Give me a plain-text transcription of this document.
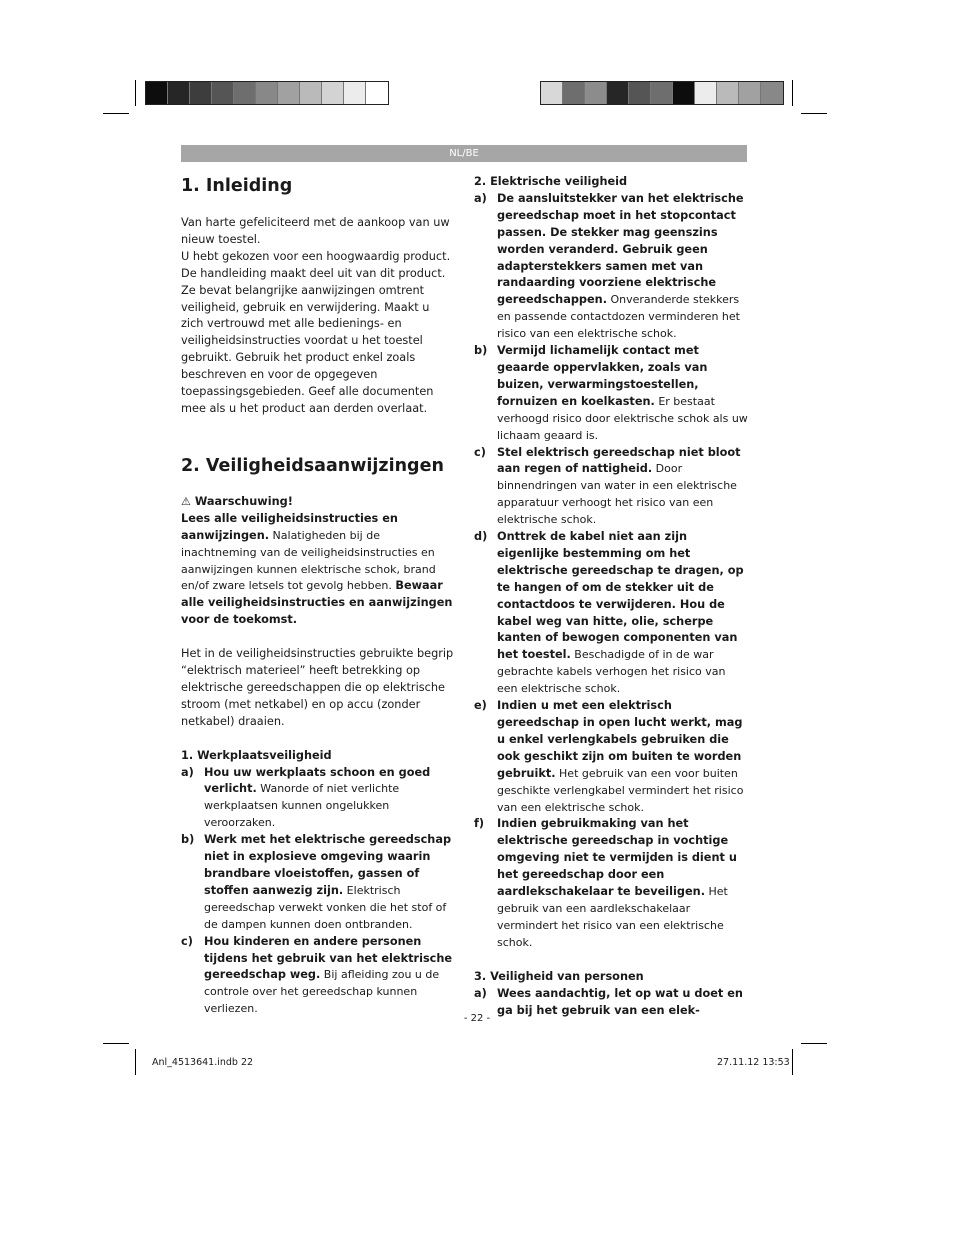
NL/BE
1. Inleiding

Van harte gefeliciteerd met de aankoop van uw nieuw toestel.
U hebt gekozen voor een hoogwaardig product. De handleiding maakt deel uit van dit product. Ze bevat belangrijke aanwijzingen omtrent veiligheid, gebruik en verwijdering. Maakt u zich vertrouwd met alle bedienings- en veiligheidsinstructies voordat u het toestel gebruikt. Gebruik het product enkel zoals beschreven en voor de opgegeven toepassingsgebieden. Geef alle documenten mee als u het product aan derden overlaat.

2. Veiligheidsaanwijzingen

⚠ Waarschuwing!

Lees alle veiligheidsinstructies en aanwijzingen. Nalatigheden bij de inachtneming van de veiligheidsinstructies en aanwijzingen kunnen elektrische schok, brand en/of zware letsels tot gevolg hebben. Bewaar alle veiligheidsinstructies en aanwijzingen voor de toekomst.

Het in de veiligheidsinstructies gebruikte begrip “elektrisch materieel” heeft betrekking op elektrische gereedschappen die op elektrische stroom (met netkabel) en op accu (zonder netkabel) draaien.

1. Werkplaatsveiligheid

a) Hou uw werkplaats schoon en goed verlicht. Wanorde of niet verlichte werkplaatsen kunnen ongelukken veroorzaken.
b) Werk met het elektrische gereedschap niet in explosieve omgeving waarin brandbare vloeistoffen, gassen of stoffen aanwezig zijn. Elektrisch gereedschap verwekt vonken die het stof of de dampen kunnen doen ontbranden.
c) Hou kinderen en andere personen tijdens het gebruik van het elektrische gereedschap weg. Bij afleiding zou u de controle over het gereedschap kunnen verliezen.

2. Elektrische veiligheid

a) De aansluitstekker van het elektrische gereedschap moet in het stopcontact passen. De stekker mag geenszins worden veranderd. Gebruik geen adapterstekkers samen met van randaarding voorziene elektrische gereedschappen. Onveranderde stekkers en passende contactdozen verminderen het risico van een elektrische schok.
b) Vermijd lichamelijk contact met geaarde oppervlakken, zoals van buizen, verwarmingstoestellen, fornuizen en koelkasten. Er bestaat verhoogd risico door elektrische schok als uw lichaam geaard is.
c) Stel elektrisch gereedschap niet bloot aan regen of nattigheid. Door binnendringen van water in een elektrische apparatuur verhoogt het risico van een elektrische schok.
d) Onttrek de kabel niet aan zijn eigenlijke bestemming om het elektrische gereedschap te dragen, op te hangen of om de stekker uit de contactdoos te verwijderen. Hou de kabel weg van hitte, olie, scherpe kanten of bewogen componenten van het toestel. Beschadigde of in de war gebrachte kabels verhogen het risico van een elektrische schok.
e) Indien u met een elektrisch gereedschap in open lucht werkt, mag u enkel verlengkabels gebruiken die ook geschikt zijn om buiten te worden gebruikt. Het gebruik van een voor buiten geschikte verlengkabel vermindert het risico van een elektrische schok.
f)	Indien gebruikmaking van het elektrische gereedschap in vochtige omgeving niet te vermijden is dient u het gereedschap door een aardlekschakelaar te beveiligen. Het gebruik van een aardlekschakelaar vermindert het risico van een elektrische schok.

3. Veiligheid van personen

a) Wees aandachtig, let op wat u doet en ga bij het gebruik van een elek-
- 22 -
Anl_4513641.indb 22	27.11.12 13:53
